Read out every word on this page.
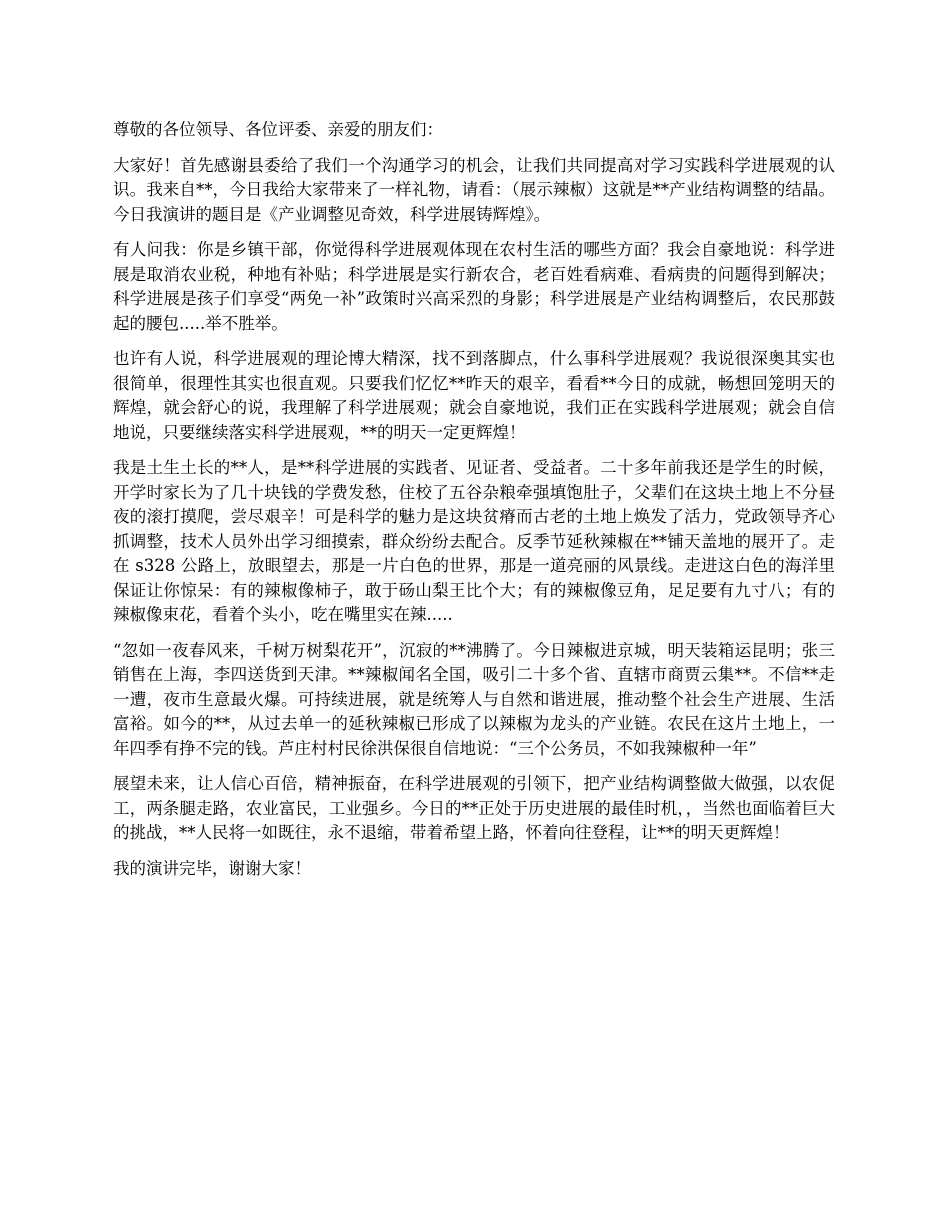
尊敬的各位领导、各位评委、亲爱的朋友们：

大家好！首先感谢县委给了我们一个沟通学习的机会，让我们共同提高对学习实践科学进展观的认识。我来自**，今日我给大家带来了一样礼物，请看：（展示辣椒）这就是**产业结构调整的结晶。今日我演讲的题目是《产业调整见奇效，科学进展铸辉煌》。

有人问我：你是乡镇干部，你觉得科学进展观体现在农村生活的哪些方面？我会自豪地说：科学进展是取消农业税，种地有补贴；科学进展是实行新农合，老百姓看病难、看病贵的问题得到解决；科学进展是孩子们享受“两免一补”政策时兴高采烈的身影；科学进展是产业结构调整后，农民那鼓起的腰包.....举不胜举。

也许有人说，科学进展观的理论博大精深，找不到落脚点，什么事科学进展观？我说很深奥其实也很简单，很理性其实也很直观。只要我们忆忆**昨天的艰辛，看看**今日的成就，畅想回笼明天的辉煌，就会舒心的说，我理解了科学进展观；就会自豪地说，我们正在实践科学进展观；就会自信地说，只要继续落实科学进展观，**的明天一定更辉煌！

我是土生土长的**人，是**科学进展的实践者、见证者、受益者。二十多年前我还是学生的时候，开学时家长为了几十块钱的学费发愁，住校了五谷杂粮牵强填饱肚子，父辈们在这块土地上不分昼夜的滚打摸爬，尝尽艰辛！可是科学的魅力是这块贫瘠而古老的土地上焕发了活力，党政领导齐心抓调整，技术人员外出学习细摸索，群众纷纷去配合。反季节延秋辣椒在**铺天盖地的展开了。走在 s328 公路上，放眼望去，那是一片白色的世界，那是一道亮丽的风景线。走进这白色的海洋里保证让你惊呆：有的辣椒像柿子，敢于砀山梨王比个大；有的辣椒像豆角，足足要有九寸八；有的辣椒像束花，看着个头小，吃在嘴里实在辣.....

“忽如一夜春风来，千树万树梨花开”，沉寂的**沸腾了。今日辣椒进京城，明天装箱运昆明；张三销售在上海，李四送货到天津。**辣椒闻名全国，吸引二十多个省、直辖市商贾云集**。不信**走一遭，夜市生意最火爆。可持续进展，就是统筹人与自然和谐进展，推动整个社会生产进展、生活富裕。如今的**，从过去单一的延秋辣椒已形成了以辣椒为龙头的产业链。农民在这片土地上，一年四季有挣不完的钱。芦庄村村民徐洪保很自信地说：“三个公务员，不如我辣椒种一年”

展望未来，让人信心百倍，精神振奋，在科学进展观的引领下，把产业结构调整做大做强，以农促工，两条腿走路，农业富民，工业强乡。今日的**正处于历史进展的最佳时机，，当然也面临着巨大的挑战，**人民将一如既往，永不退缩，带着希望上路，怀着向往登程，让**的明天更辉煌！

我的演讲完毕，谢谢大家！
